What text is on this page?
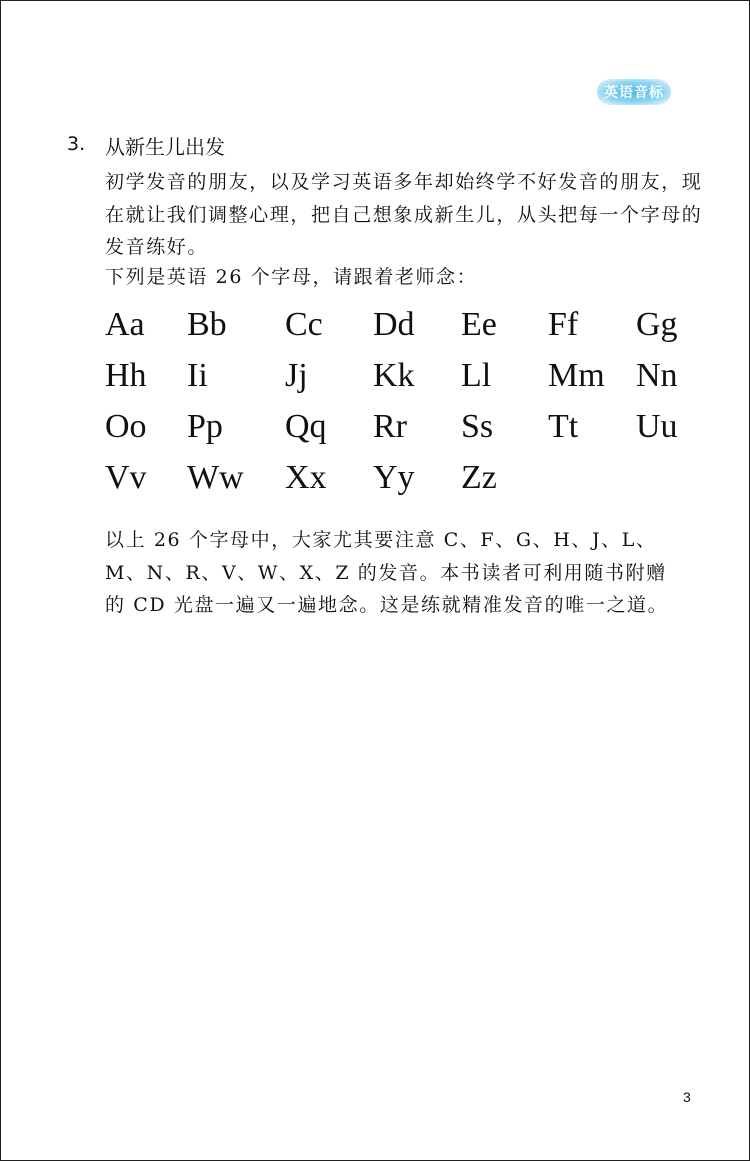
英语音标
3. 从新生儿出发
初学发音的朋友，以及学习英语多年却始终学不好发音的朋友，现
在就让我们调整心理，把自己想象成新生儿，从头把每一个字母的
发音练好。
下列是英语 26 个字母，请跟着老师念：
Aa Bb Cc Dd Ee Ff Gg
Hh Ii Jj Kk Ll Mm Nn
Oo Pp Qq Rr Ss Tt Uu
Vv Ww Xx Yy Zz
以上 26 个字母中，大家尤其要注意 C、F、G、H、J、L、
M、N、R、V、W、X、Z 的发音。本书读者可利用随书附赠
的 CD 光盘一遍又一遍地念。这是练就精准发音的唯一之道。
3
